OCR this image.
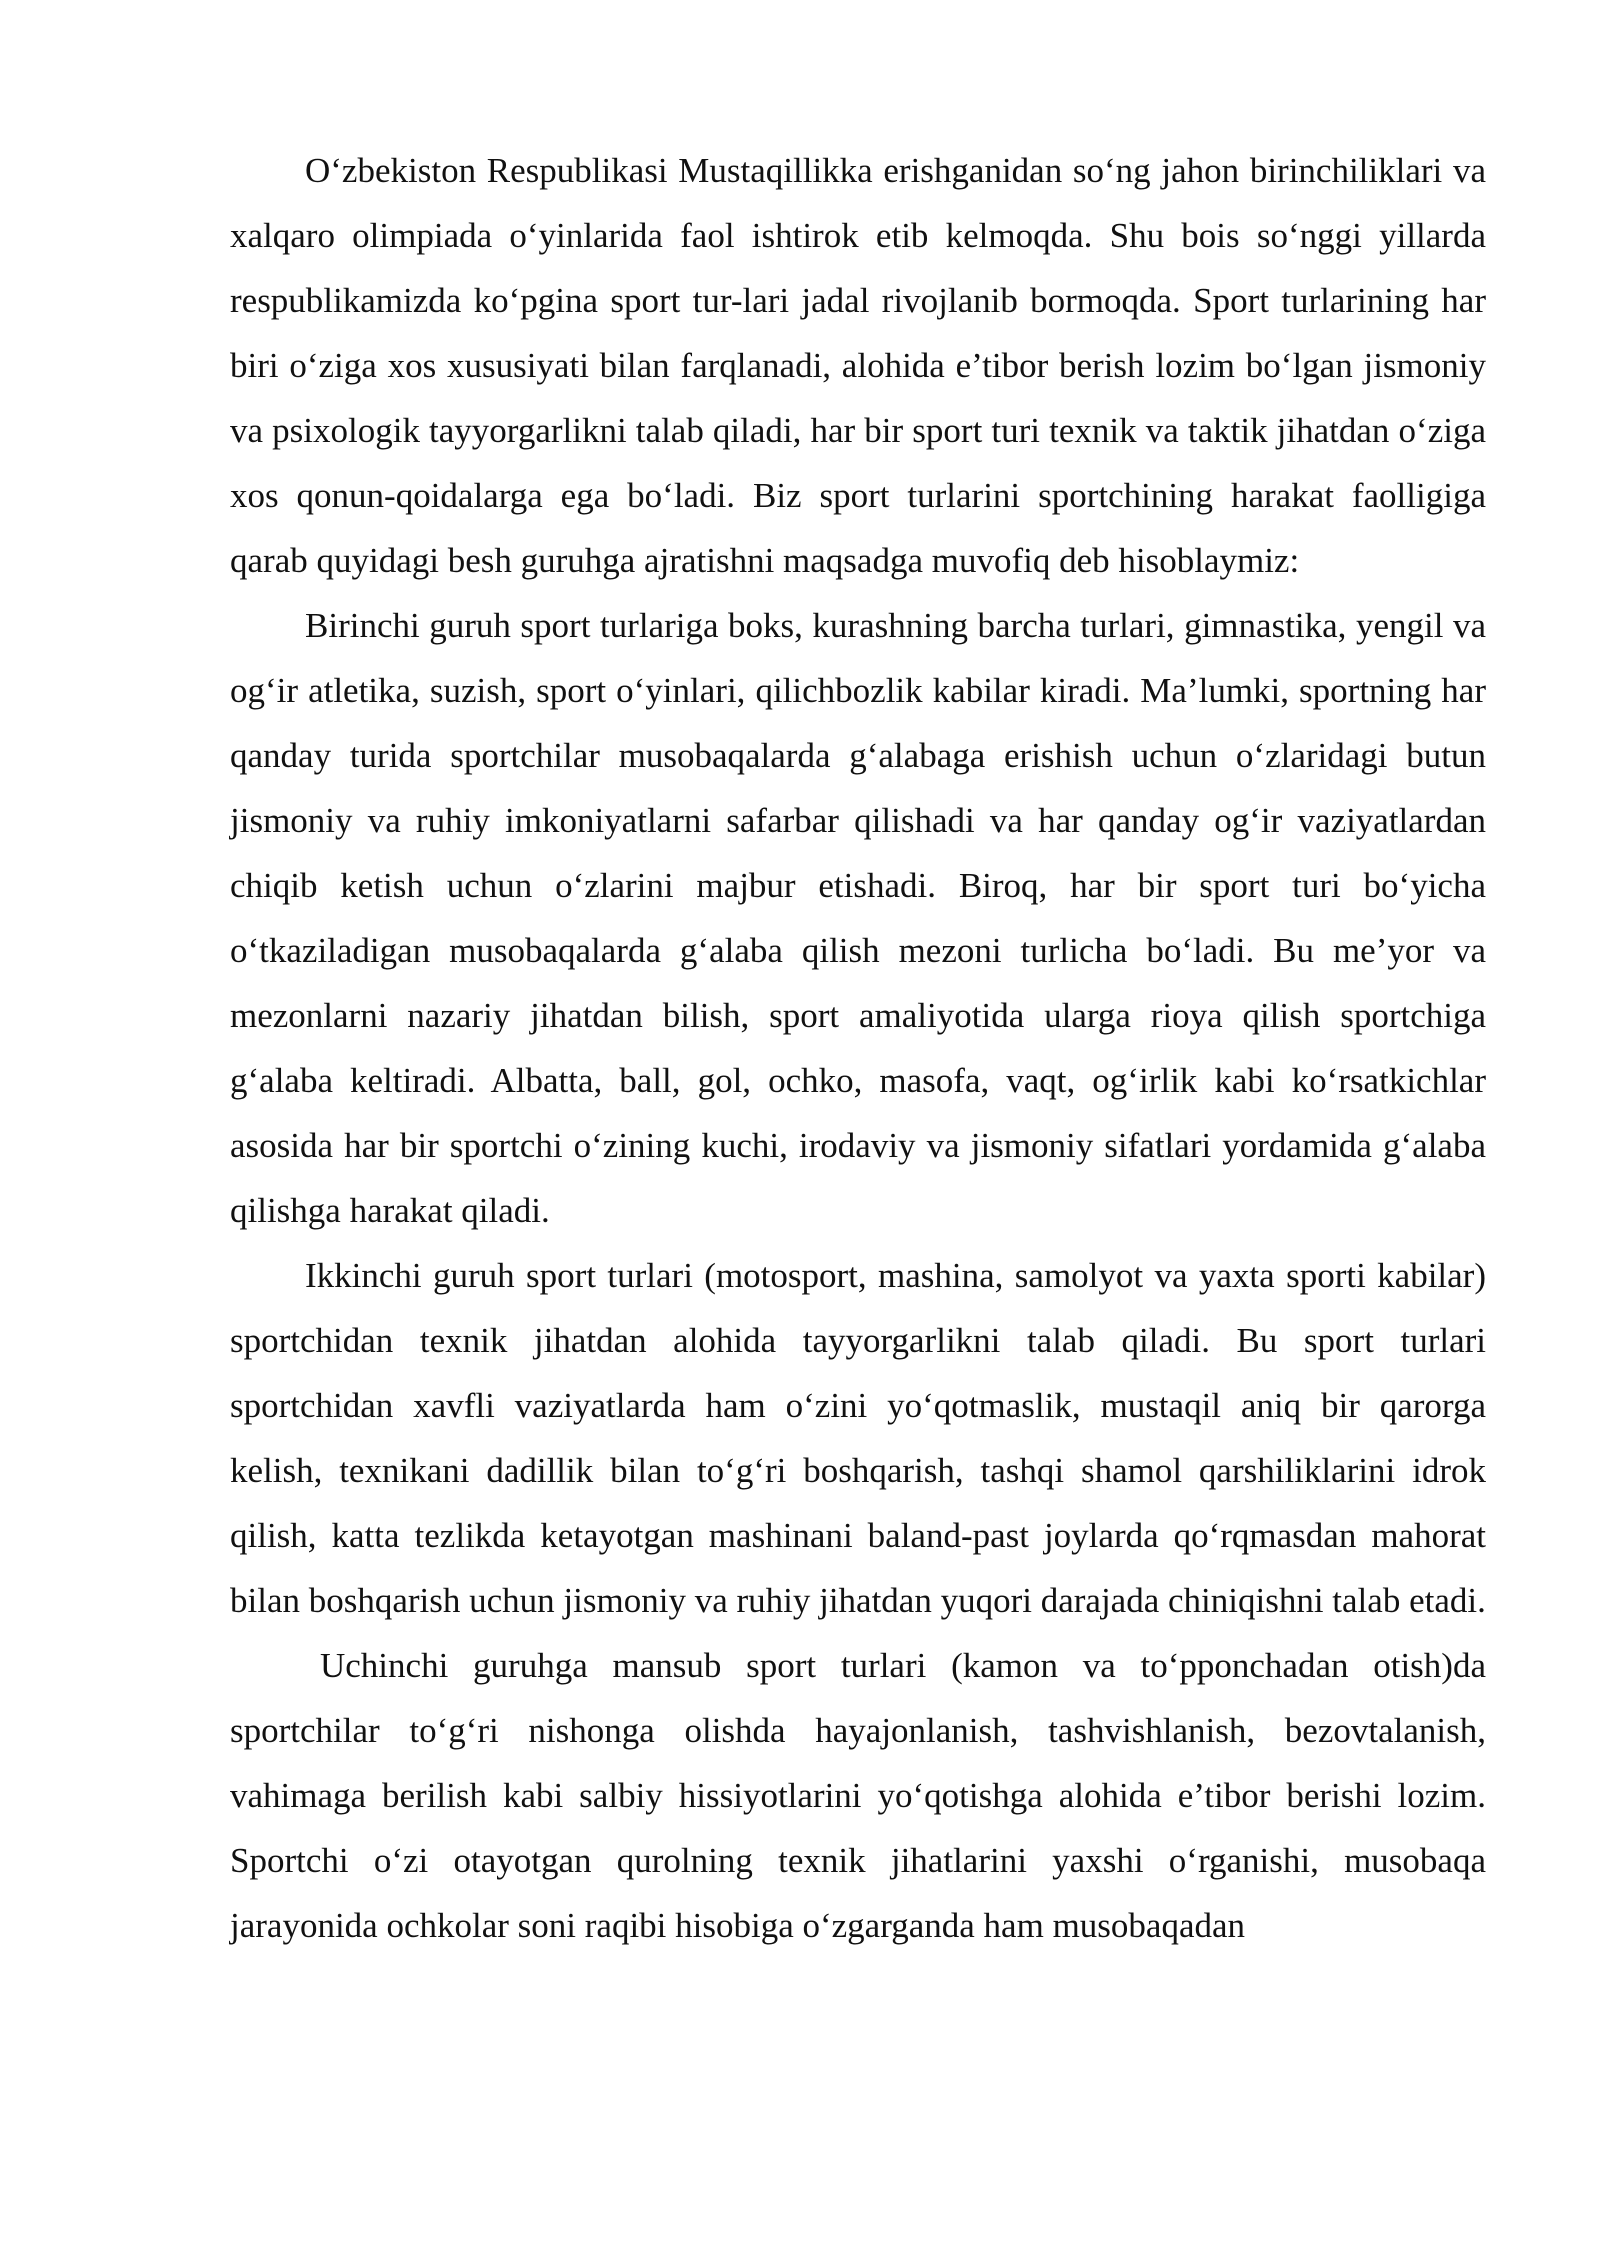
O‘zbekiston Respublikasi Mustaqillikka erishganidan so‘ng jahon birinchiliklari va xalqaro olimpiada o‘yinlarida faol ishtirok etib kelmoqda. Shu bois so‘nggi yillarda respublikamizda ko‘pgina sport tur-lari jadal rivojlanib bormoqda. Sport turlarining har biri o‘ziga xos xususiyati bilan farqlanadi, alohida e’tibor berish lozim bo‘lgan jismoniy va psixologik tayyorgarlikni talab qiladi, har bir sport turi texnik va taktik jihatdan o‘ziga xos qonun-qoidalarga ega bo‘ladi. Biz sport turlarini sportchining harakat faolligiga qarab quyidagi besh guruhga ajratishni maqsadga muvofiq deb hisoblaymiz:

Birinchi guruh sport turlariga boks, kurashning barcha turlari, gimnastika, yengil va og‘ir atletika, suzish, sport o‘yinlari, qilichbozlik kabilar kiradi. Ma’lumki, sportning har qanday turida sportchilar musobaqalarda g‘alabaga erishish uchun o‘zlaridagi butun jismoniy va ruhiy imkoniyatlarni safarbar qilishadi va har qanday og‘ir vaziyatlardan chiqib ketish uchun o‘zlarini majbur etishadi. Biroq, har bir sport turi bo‘yicha o‘tkaziladigan musobaqalarda g‘alaba qilish mezoni turlicha bo‘ladi. Bu me’yor va mezonlarni nazariy jihatdan bilish, sport amaliyotida ularga rioya qilish sportchiga g‘alaba keltiradi. Albatta, ball, gol, ochko, masofa, vaqt, og‘irlik kabi ko‘rsatkichlar asosida har bir sportchi o‘zining kuchi, irodaviy va jismoniy sifatlari yordamida g‘alaba qilishga harakat qiladi.

Ikkinchi guruh sport turlari (motosport, mashina, samolyot va yaxta sporti kabilar) sportchidan texnik jihatdan alohida tayyorgarlikni talab qiladi. Bu sport turlari sportchidan xavfli vaziyatlarda ham o‘zini yo‘qotmaslik, mustaqil aniq bir qarorga kelish, texnikani dadillik bilan to‘g‘ri boshqarish, tashqi shamol qarshiliklarini idrok qilish, katta tezlikda ketayotgan mashinani baland-past joylarda qo‘rqmasdan mahorat bilan boshqarish uchun jismoniy va ruhiy jihatdan yuqori darajada chiniqishni talab etadi.

Uchinchi guruhga mansub sport turlari (kamon va to‘pponchadan otish)da sportchilar to‘g‘ri nishonga olishda hayajonlanish, tashvishlanish, bezovtalanish, vahimaga berilish kabi salbiy hissiyotlarini yo‘qotishga alohida e’tibor berishi lozim. Sportchi o‘zi otayotgan qurolning texnik jihatlarini yaxshi o‘rganishi, musobaqa jarayonida ochkolar soni raqibi hisobiga o‘zgarganda ham musobaqadan
